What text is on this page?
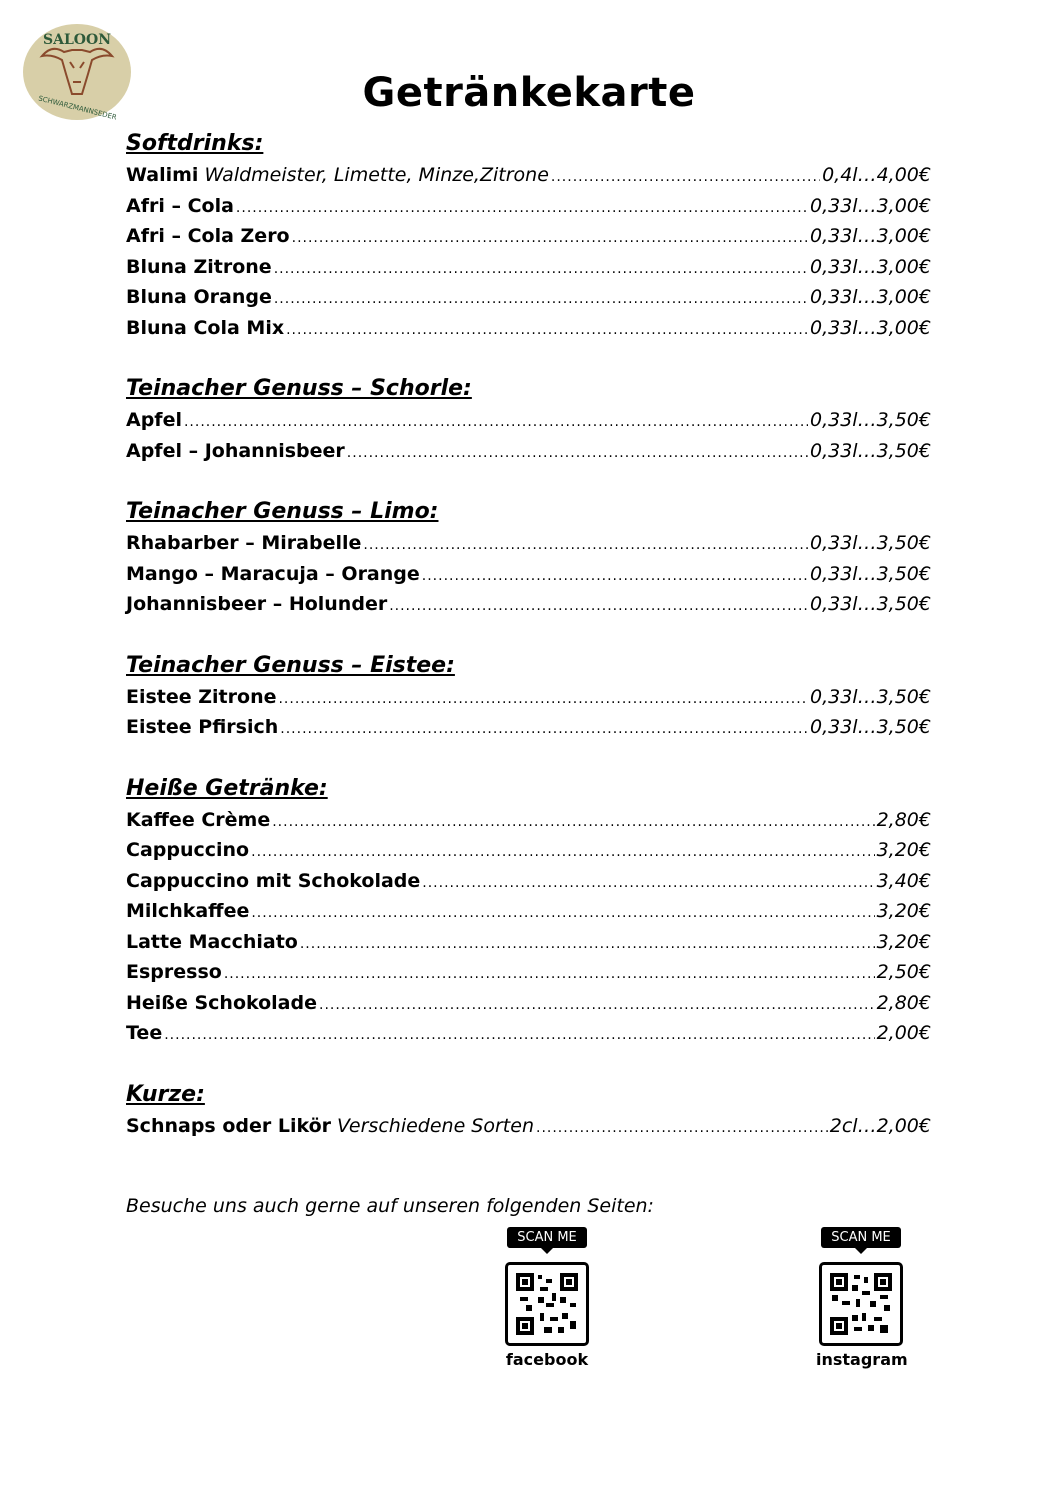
SALOON
SCHWARZMANNSEDER	Getränkekarte
Softdrinks:
Walimi Waldmeister, Limette, Minze,Zitrone .....	0,4l … 4,00€
Afri – Cola .....	0,33l … 3,00€
Afri – Cola Zero .....	0,33l … 3,00€
Bluna Zitrone .....	0,33l … 3,00€
Bluna Orange .....	0,33l … 3,00€
Bluna Cola Mix .....	0,33l … 3,00€
Teinacher Genuss – Schorle:
Apfel .....	0,33l … 3,50€
Apfel – Johannisbeer .....	0,33l … 3,50€
Teinacher Genuss – Limo:
Rhabarber – Mirabelle .....	0,33l … 3,50€
Mango – Maracuja – Orange .....	0,33l … 3,50€
Johannisbeer – Holunder .....	0,33l … 3,50€
Teinacher Genuss – Eistee:
Eistee Zitrone .....	0,33l … 3,50€
Eistee Pfirsich .....	0,33l … 3,50€
Heiße Getränke:
Kaffee Crème .....	2,80€
Cappuccino .....	3,20€
Cappuccino mit Schokolade .....	3,40€
Milchkaffee .....	3,20€
Latte Macchiato .....	3,20€
Espresso .....	2,50€
Heiße Schokolade .....	2,80€
Tee .....	2,00€
Kurze:
Schnaps oder Likör Verschiedene Sorten .....	2cl … 2,00€
Besuche uns auch gerne auf unseren folgenden Seiten:
SCAN ME
facebook
SCAN ME
instagram
